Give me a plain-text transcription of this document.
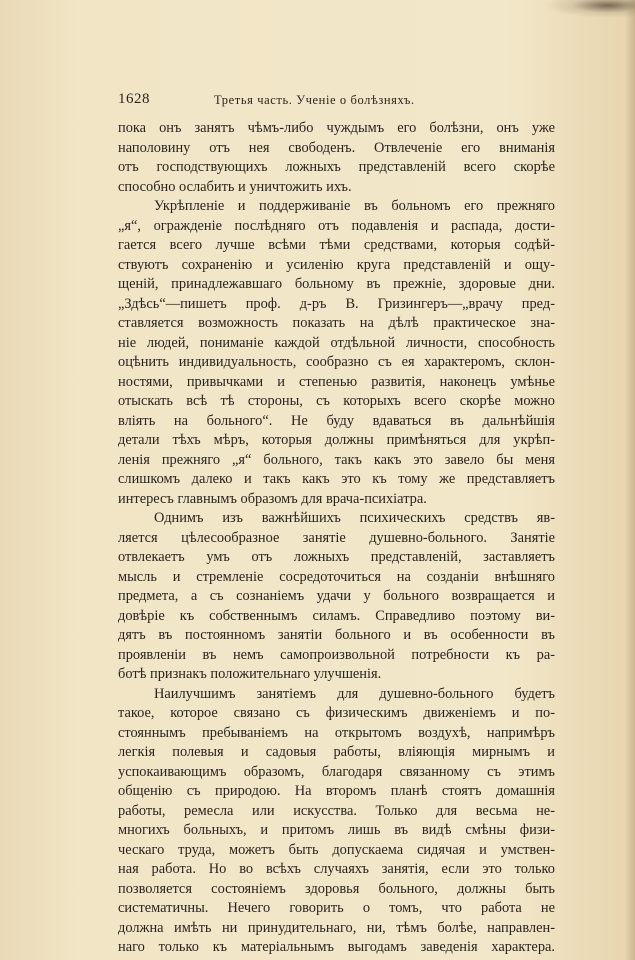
1628	Третья часть. Ученіе о болѣзняхъ.
пока онъ занятъ чѣмъ-либо чуждымъ его болѣзни, онъ уже
наполовину отъ нея свободенъ. Отвлеченіе его вниманія
отъ господствующихъ ложныхъ представленій всего скорѣе
способно ослабить и уничтожить ихъ.
Укрѣпленіе и поддерживаніе въ больномъ его прежняго
„я“, огражденіе послѣдняго отъ подавленія и распада, дости-
гается всего лучше всѣми тѣми средствами, которыя содѣй-
ствуютъ сохраненію и усиленію круга представленій и ощу-
щеній, принадлежавшаго больному въ прежніе, здоровые дни.
„Здѣсь“—пишетъ проф. д-ръ В. Гризингеръ—„врачу пред-
ставляется возможность показать на дѣлѣ практическое зна-
ніе людей, пониманіе каждой отдѣльной личности, способность
оцѣнить индивидуальность, сообразно съ ея характеромъ, склон-
ностями, привычками и степенью развитія, наконецъ умѣнье
отыскать всѣ тѣ стороны, съ которыхъ всего скорѣе можно
вліять на больного“. Не буду вдаваться въ дальнѣйшія
детали тѣхъ мѣръ, которыя должны примѣняться для укрѣп-
ленія прежняго „я“ больного, такъ какъ это завело бы меня
слишкомъ далеко и такъ какъ это къ тому же представляетъ
интересъ главнымъ образомъ для врача-психіатра.
Однимъ изъ важнѣйшихъ психическихъ средствъ яв-
ляется цѣлесообразное занятіе душевно-больного. Занятіе
отвлекаетъ умъ отъ ложныхъ представленій, заставляетъ
мысль и стремленіе сосредоточиться на созданіи внѣшняго
предмета, а съ сознаніемъ удачи у больного возвращается и
довѣріе къ собственнымъ силамъ. Справедливо поэтому ви-
дятъ въ постоянномъ занятіи больного и въ особенности въ
проявленіи въ немъ самопроизвольной потребности къ ра-
ботѣ признакъ положительнаго улучшенія.
Наилучшимъ занятіемъ для душевно-больного будетъ
такое, которое связано съ физическимъ движеніемъ и по-
стояннымъ пребываніемъ на открытомъ воздухѣ, напримѣръ
легкія полевыя и садовыя работы, вліяющія мирнымъ и
успокаивающимъ образомъ, благодаря связанному съ этимъ
общенію съ природою. На второмъ планѣ стоятъ домашнія
работы, ремесла или искусства. Только для весьма не-
многихъ больныхъ, и притомъ лишь въ видѣ смѣны физи-
ческаго труда, можетъ быть допускаема сидячая и умствен-
ная работа. Но во всѣхъ случаяхъ занятія, если это только
позволяется состояніемъ здоровья больного, должны быть
систематичны. Нечего говорить о томъ, что работа не
должна имѣть ни принудительнаго, ни, тѣмъ болѣе, направлен-
наго только къ матеріальнымъ выгодамъ заведенія характера.
